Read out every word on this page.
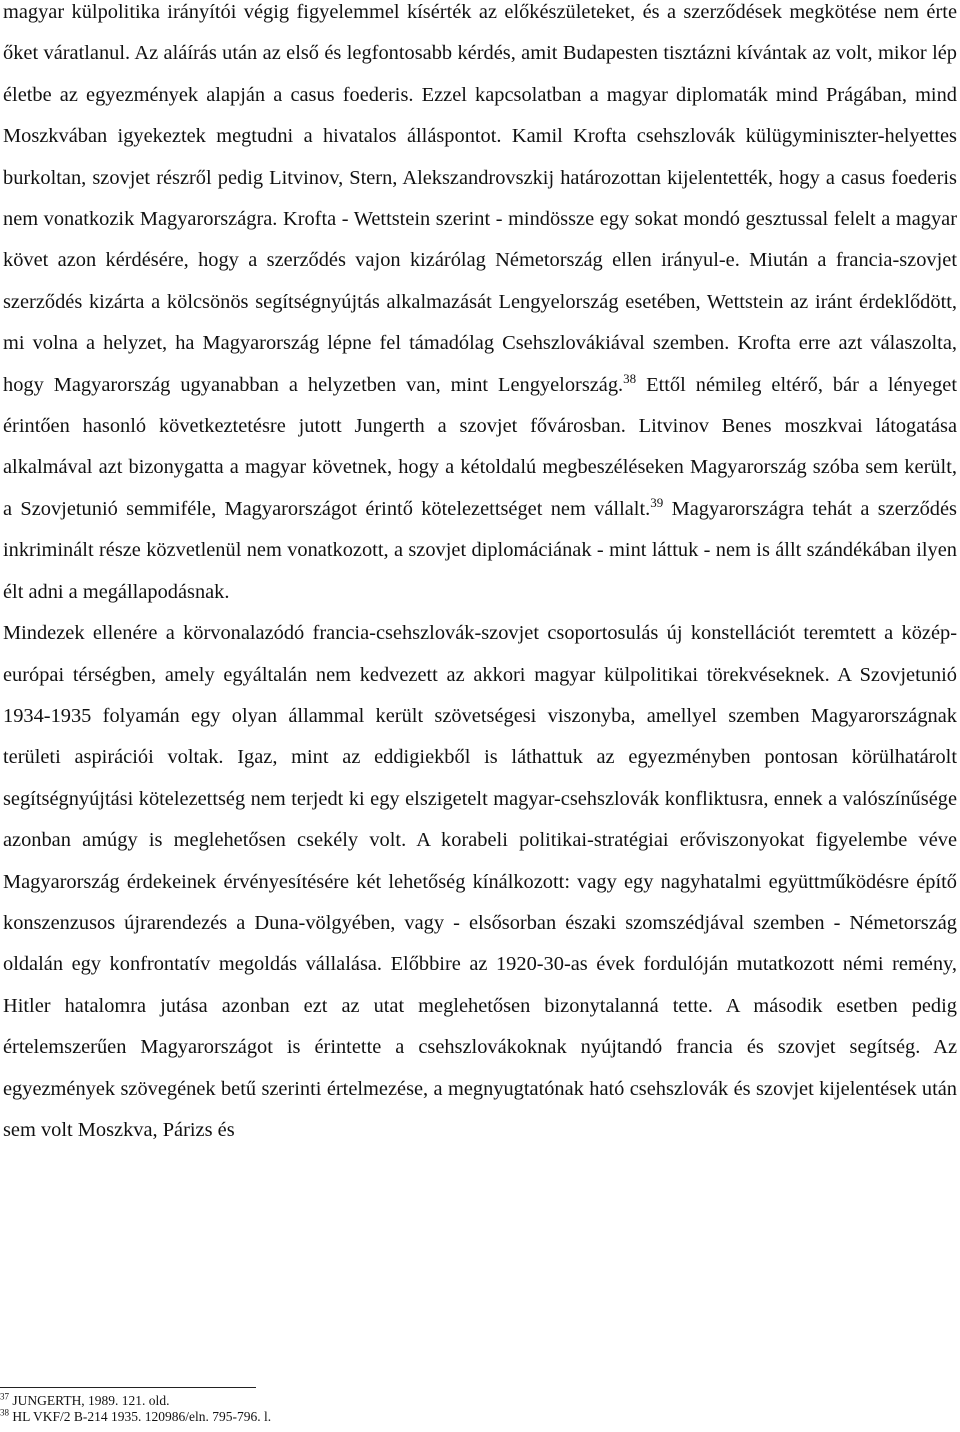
magyar külpolitika irányítói végig figyelemmel kísérték az előkészületeket, és a szerződések megkötése nem érte őket váratlanul. Az aláírás után az első és legfontosabb kérdés, amit Budapesten tisztázni kívántak az volt, mikor lép életbe az egyezmények alapján a casus foederis. Ezzel kapcsolatban a magyar diplomaták mind Prágában, mind Moszkvában igyekeztek megtudni a hivatalos álláspontot. Kamil Krofta csehszlovák külügyminiszter-helyettes burkoltan, szovjet részről pedig Litvinov, Stern, Alekszandrovszkij határozottan kijelentették, hogy a casus foederis nem vonatkozik Magyarországra. Krofta - Wettstein szerint - mindössze egy sokat mondó gesztussal felelt a magyar követ azon kérdésére, hogy a szerződés vajon kizárólag Németország ellen irányul-e. Miután a francia-szovjet szerződés kizárta a kölcsönös segítségnyújtás alkalmazását Lengyelország esetében, Wettstein az iránt érdeklődött, mi volna a helyzet, ha Magyarország lépne fel támadólag Csehszlovákiával szemben. Krofta erre azt válaszolta, hogy Magyarország ugyanabban a helyzetben van, mint Lengyelország.$^{38}$ Ettől némileg eltérő, bár a lényeget érintően hasonló következtetésre jutott Jungerth a szovjet fővárosban. Litvinov Benes moszkvai látogatása alkalmával azt bizonygatta a magyar követnek, hogy a kétoldalú megbeszéléseken Magyarország szóba sem került, a Szovjetunió semmiféle, Magyarországot érintő kötelezettséget nem vállalt.$^{39}$ Magyarországra tehát a szerződés inkriminált része közvetlenül nem vonatkozott, a szovjet diplomáciának - mint láttuk - nem is állt szándékában ilyen élt adni a megállapodásnak.

Mindezek ellenére a körvonalazódó francia-csehszlovák-szovjet csoportosulás új konstellációt teremtett a közép-európai térségben, amely egyáltalán nem kedvezett az akkori magyar külpolitikai törekvéseknek. A Szovjetunió 1934-1935 folyamán egy olyan állammal került szövetségesi viszonyba, amellyel szemben Magyarországnak területi aspirációi voltak. Igaz, mint az eddigiekből is láthattuk az egyezményben pontosan körülhatárolt segítségnyújtási kötelezettség nem terjedt ki egy elszigetelt magyar-csehszlovák konfliktusra, ennek a valószínűsége azonban amúgy is meglehetősen csekély volt. A korabeli politikai-stratégiai erőviszonyokat figyelembe véve Magyarország érdekeinek érvényesítésére két lehetőség kínálkozott: vagy egy nagyhatalmi együttműködésre építő konszenzusos újrarendezés a Duna-völgyében, vagy - elsősorban északi szomszédjával szemben - Németország oldalán egy konfrontatív megoldás vállalása. Előbbire az 1920-30-as évek fordulóján mutatkozott némi remény, Hitler hatalomra jutása azonban ezt az utat meglehetősen bizonytalanná tette. A második esetben pedig értelemszerűen Magyarországot is érintette a csehszlovákoknak nyújtandó francia és szovjet segítség. Az egyezmények szövegének betű szerinti értelmezése, a megnyugtatónak ható csehszlovák és szovjet kijelentések után sem volt Moszkva, Párizs és

$^{37}$ JUNGERTH, 1989. 121. old.
$^{38}$ HL VKF/2 B-214 1935. 120986/eln. 795-796. l.
